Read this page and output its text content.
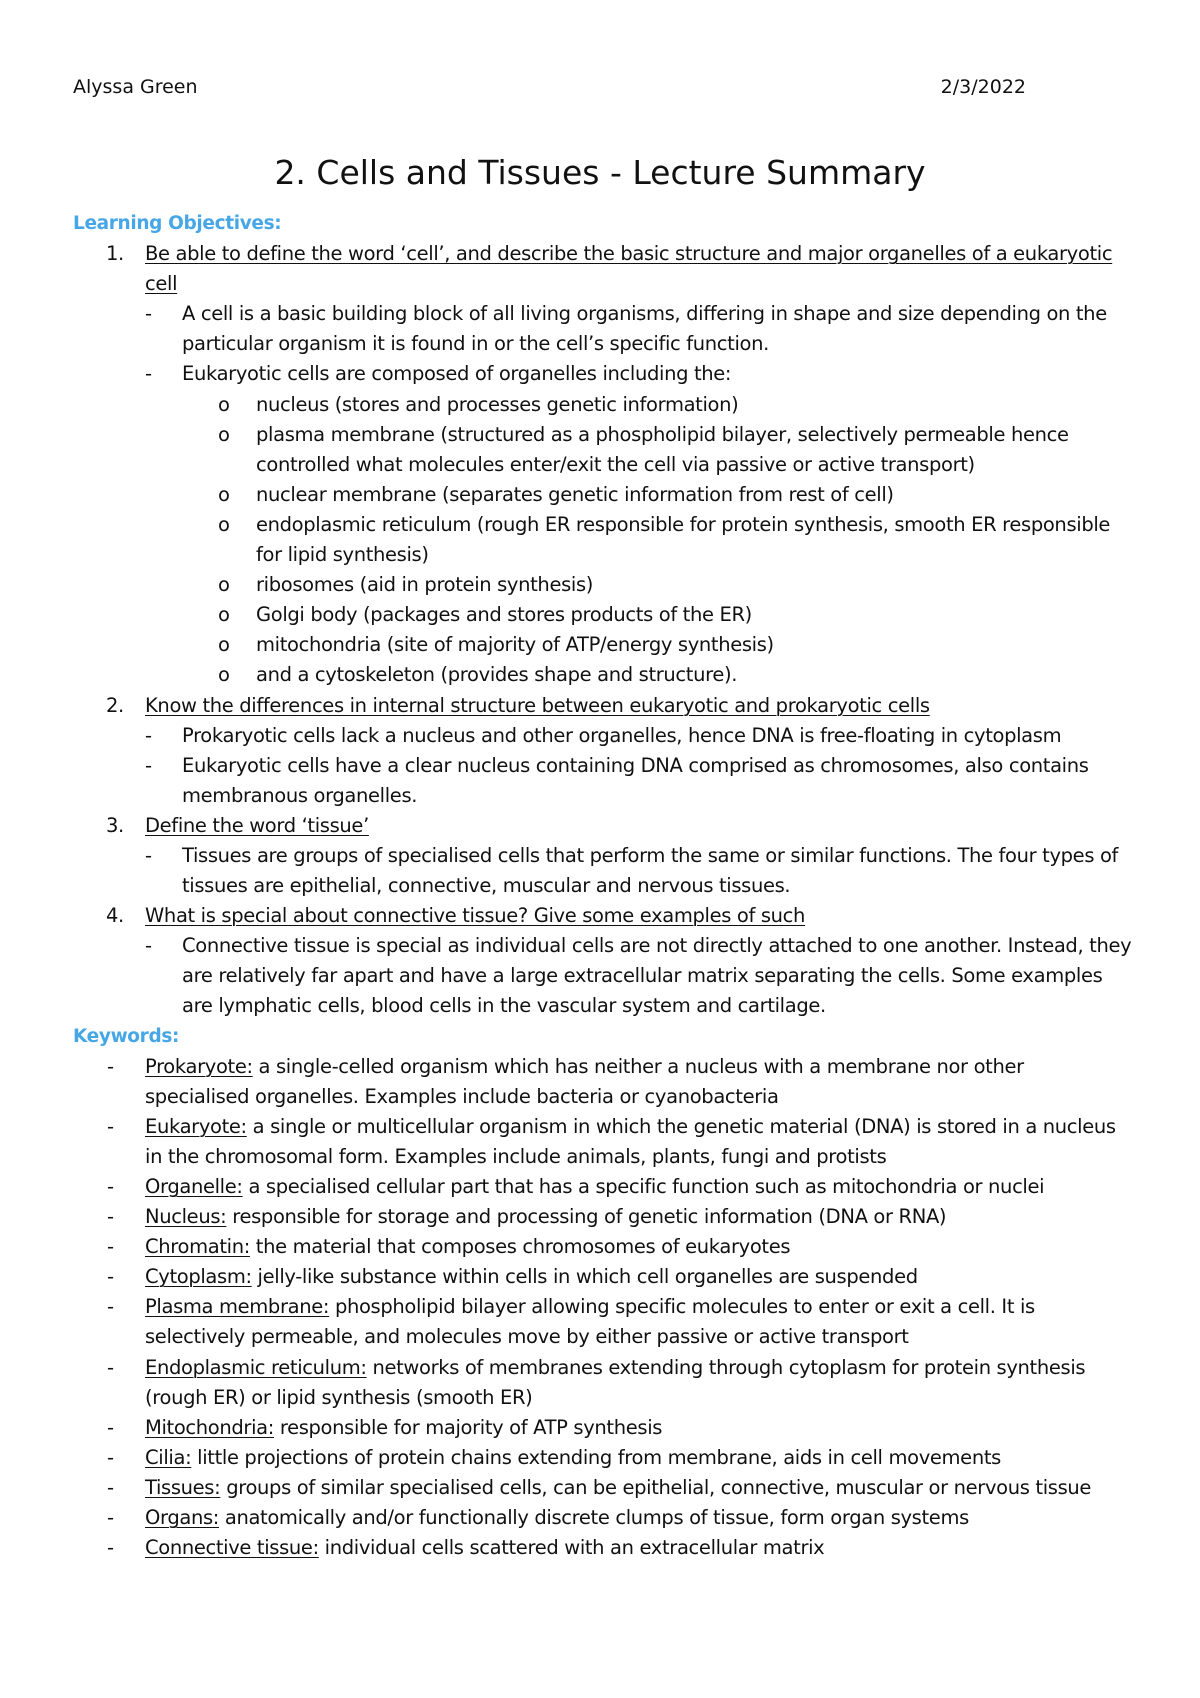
Alyssa Green	2/3/2022
2. Cells and Tissues - Lecture Summary
Learning Objectives:
1. Be able to define the word ‘cell’, and describe the basic structure and major organelles of a eukaryotic cell
- A cell is a basic building block of all living organisms, differing in shape and size depending on the particular organism it is found in or the cell’s specific function.
- Eukaryotic cells are composed of organelles including the:
o nucleus (stores and processes genetic information)
o plasma membrane (structured as a phospholipid bilayer, selectively permeable hence controlled what molecules enter/exit the cell via passive or active transport)
o nuclear membrane (separates genetic information from rest of cell)
o endoplasmic reticulum (rough ER responsible for protein synthesis, smooth ER responsible for lipid synthesis)
o ribosomes (aid in protein synthesis)
o Golgi body (packages and stores products of the ER)
o mitochondria (site of majority of ATP/energy synthesis)
o and a cytoskeleton (provides shape and structure).
2. Know the differences in internal structure between eukaryotic and prokaryotic cells
- Prokaryotic cells lack a nucleus and other organelles, hence DNA is free-floating in cytoplasm
- Eukaryotic cells have a clear nucleus containing DNA comprised as chromosomes, also contains membranous organelles.
3. Define the word ‘tissue’
- Tissues are groups of specialised cells that perform the same or similar functions. The four types of tissues are epithelial, connective, muscular and nervous tissues.
4. What is special about connective tissue? Give some examples of such
- Connective tissue is special as individual cells are not directly attached to one another. Instead, they are relatively far apart and have a large extracellular matrix separating the cells. Some examples are lymphatic cells, blood cells in the vascular system and cartilage.
Keywords:
- Prokaryote: a single-celled organism which has neither a nucleus with a membrane nor other specialised organelles. Examples include bacteria or cyanobacteria
- Eukaryote: a single or multicellular organism in which the genetic material (DNA) is stored in a nucleus in the chromosomal form. Examples include animals, plants, fungi and protists
- Organelle: a specialised cellular part that has a specific function such as mitochondria or nuclei
- Nucleus: responsible for storage and processing of genetic information (DNA or RNA)
- Chromatin: the material that composes chromosomes of eukaryotes
- Cytoplasm: jelly-like substance within cells in which cell organelles are suspended
- Plasma membrane: phospholipid bilayer allowing specific molecules to enter or exit a cell. It is selectively permeable, and molecules move by either passive or active transport
- Endoplasmic reticulum: networks of membranes extending through cytoplasm for protein synthesis (rough ER) or lipid synthesis (smooth ER)
- Mitochondria: responsible for majority of ATP synthesis
- Cilia: little projections of protein chains extending from membrane, aids in cell movements
- Tissues: groups of similar specialised cells, can be epithelial, connective, muscular or nervous tissue
- Organs: anatomically and/or functionally discrete clumps of tissue, form organ systems
- Connective tissue: individual cells scattered with an extracellular matrix
